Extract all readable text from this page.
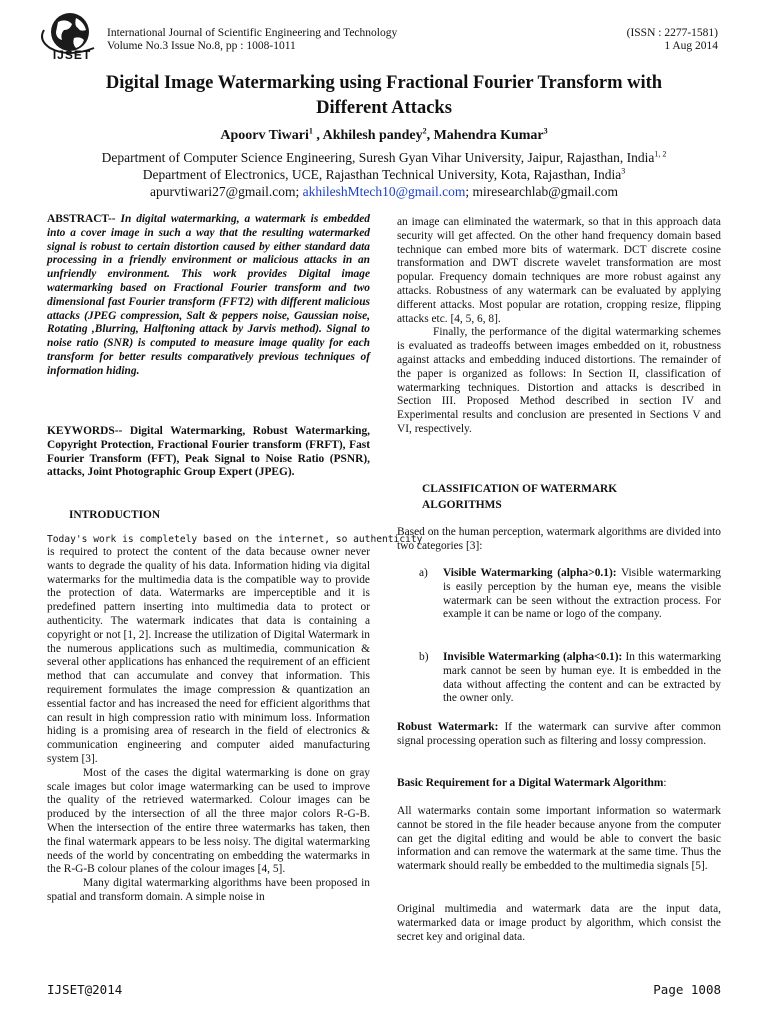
IJSET
International Journal of Scientific Engineering and Technology
Volume No.3 Issue No.8, pp : 1008-1011
(ISSN : 2277-1581)
1 Aug 2014
Digital Image Watermarking using Fractional Fourier Transform with
Different Attacks
Apoorv Tiwari$^1$ , Akhilesh pandey$^2$, Mahendra Kumar$^3$
Department of Computer Science Engineering, Suresh Gyan Vihar University, Jaipur, Rajasthan, India$^{1, 2}$
Department of Electronics, UCE, Rajasthan Technical University, Kota, Rajasthan, India$^3$
apurvtiwari27@gmail.com; akhileshMtech10@gmail.com; miresearchlab@gmail.com

ABSTRACT-- In digital watermarking, a watermark is embedded into a cover image in such a way that the resulting watermarked signal is robust to certain distortion caused by either standard data processing in a friendly environment or malicious attacks in an unfriendly environment. This work provides Digital image watermarking based on Fractional Fourier transform and two dimensional fast Fourier transform (FFT2) with different malicious attacks (JPEG compression, Salt & peppers noise, Gaussian noise, Rotating ,Blurring, Halftoning attack by Jarvis method). Signal to noise ratio (SNR) is computed to measure image quality for each transform for better results comparatively previous techniques of information hiding.

KEYWORDS-- Digital Watermarking, Robust Watermarking, Copyright Protection, Fractional Fourier transform (FRFT), Fast Fourier Transform (FFT), Peak Signal to Noise Ratio (PSNR), attacks, Joint Photographic Group Expert (JPEG).

INTRODUCTION
Today's work is completely based on the internet, so authenticity

is required to protect the content of the data because owner never wants to degrade the quality of his data. Information hiding via digital watermarks for the multimedia data is the compatible way to provide the protection of data. Watermarks are imperceptible and it is predefined pattern inserting into multimedia data to protect or authenticity. The watermark indicates that data is containing a copyright or not [1, 2]. Increase the utilization of Digital Watermark in the numerous applications such as multimedia, communication & several other applications has enhanced the requirement of an efficient method that can accumulate and convey that information. This requirement formulates the image compression & quantization an essential factor and has increased the need for efficient algorithms that can result in high compression ratio with minimum loss. Information hiding is a promising area of research in the field of electronics & communication engineering and computer aided manufacturing system [3].

Most of the cases the digital watermarking is done on gray scale images but color image watermarking can be used to improve the quality of the retrieved watermarked. Colour images can be produced by the intersection of all the three major colors R-G-B. When the intersection of the entire three watermarks has taken, then the final watermark appears to be less noisy. The digital watermarking needs of the world by concentrating on embedding the watermarks in the R-G-B colour planes of the colour images [4, 5].

Many digital watermarking algorithms have been proposed in spatial and transform domain. A simple noise in

an image can eliminated the watermark, so that in this approach data security will get affected. On the other hand frequency domain based technique can embed more bits of watermark. DCT discrete cosine transformation and DWT discrete wavelet transformation are most popular. Frequency domain techniques are more robust against any attacks. Robustness of any watermark can be evaluated by applying different attacks. Most popular are rotation, cropping resize, flipping attacks etc. [4, 5, 6, 8].

Finally, the performance of the digital watermarking schemes is evaluated as tradeoffs between images embedded on it, robustness against attacks and embedding induced distortions. The remainder of the paper is organized as follows: In Section II, classification of watermarking techniques. Distortion and attacks is described in Section III. Proposed Method described in section IV and Experimental results and conclusion are presented in Sections V and VI, respectively.

CLASSIFICATION OF WATERMARK
ALGORITHMS

Based on the human perception, watermark algorithms are divided into two categories [3]:

a) Visible Watermarking (alpha>0.1): Visible watermarking is easily perception by the human eye, means the visible watermark can be seen without the extraction process. For example it can be name or logo of the company.
b) Invisible Watermarking (alpha<0.1): In this watermarking mark cannot be seen by human eye. It is embedded in the data without affecting the content and can be extracted by the owner only.

Robust Watermark: If the watermark can survive after common signal processing operation such as filtering and lossy compression.

Basic Requirement for a Digital Watermark Algorithm:

All watermarks contain some important information so watermark cannot be stored in the file header because anyone from the computer can get the digital editing and would be able to convert the basic information and can remove the watermark at the same time. Thus the watermark should really be embedded to the multimedia signals [5].

Original multimedia and watermark data are the input data, watermarked data or image product by algorithm, which consist the secret key and original data.

IJSET@2014	Page 1008
